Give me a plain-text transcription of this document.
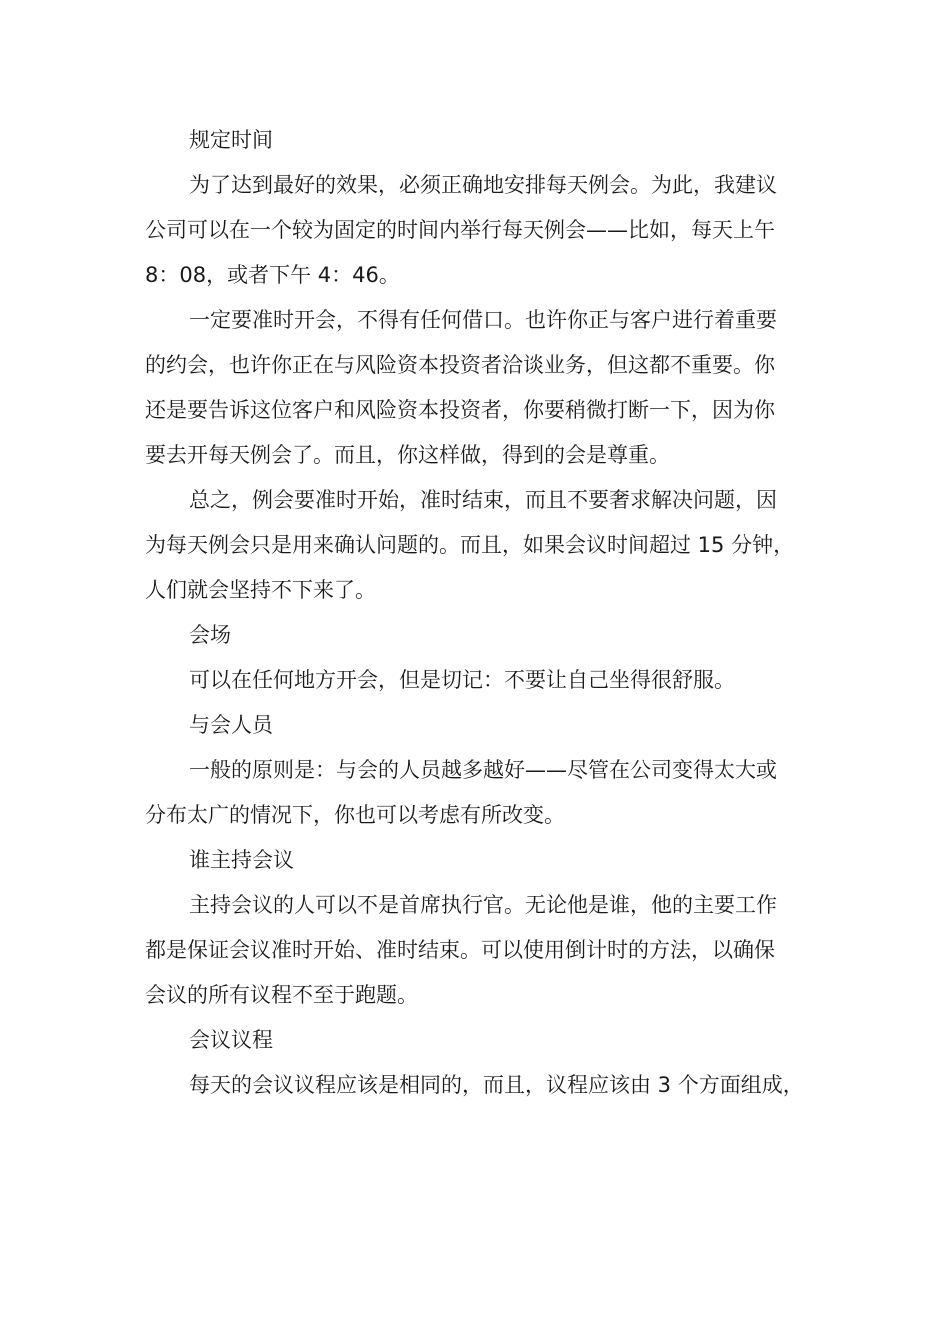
规定时间
为了达到最好的效果，必须正确地安排每天例会。为此，我建议
公司可以在一个较为固定的时间内举行每天例会——比如，每天上午
8：08，或者下午 4：46。
一定要准时开会，不得有任何借口。也许你正与客户进行着重要
的约会，也许你正在与风险资本投资者洽谈业务，但这都不重要。你
还是要告诉这位客户和风险资本投资者，你要稍微打断一下，因为你
要去开每天例会了。而且，你这样做，得到的会是尊重。
总之，例会要准时开始，准时结束，而且不要奢求解决问题，因
为每天例会只是用来确认问题的。而且，如果会议时间超过 15 分钟，
人们就会坚持不下来了。
会场
可以在任何地方开会，但是切记：不要让自己坐得很舒服。
与会人员
一般的原则是：与会的人员越多越好——尽管在公司变得太大或
分布太广的情况下，你也可以考虑有所改变。
谁主持会议
主持会议的人可以不是首席执行官。无论他是谁，他的主要工作
都是保证会议准时开始、准时结束。可以使用倒计时的方法，以确保
会议的所有议程不至于跑题。
会议议程
每天的会议议程应该是相同的，而且，议程应该由 3 个方面组成，
